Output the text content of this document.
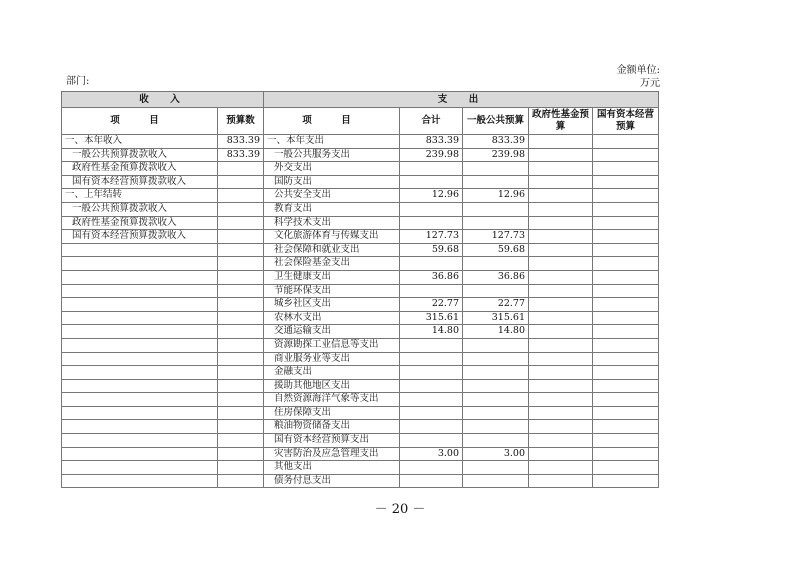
部门:
金额单位:
万元
收　入		支　出				
项　目	预算数	项　目	合计	一般公共预算	政府性基金预算	国有资本经营预算
一、本年收入	833.39	一、本年支出	833.39	833.39		
一般公共预算拨款收入	833.39	一般公共服务支出	239.98	239.98		
政府性基金预算拨款收入		外交支出				
国有资本经营预算拨款收入		国防支出				
一、上年结转		公共安全支出	12.96	12.96		
一般公共预算拨款收入		教育支出				
政府性基金预算拨款收入		科学技术支出				
国有资本经营预算拨款收入		文化旅游体育与传媒支出	127.73	127.73		
		社会保障和就业支出	59.68	59.68		
		社会保险基金支出				
		卫生健康支出	36.86	36.86		
		节能环保支出				
		城乡社区支出	22.77	22.77		
		农林水支出	315.61	315.61		
		交通运输支出	14.80	14.80		
		资源勘探工业信息等支出				
		商业服务业等支出				
		金融支出				
		援助其他地区支出				
		自然资源海洋气象等支出				
		住房保障支出				
		粮油物资储备支出				
		国有资本经营预算支出				
		灾害防治及应急管理支出	3.00	3.00		
		其他支出				
		债务付息支出				
－ 20 －
